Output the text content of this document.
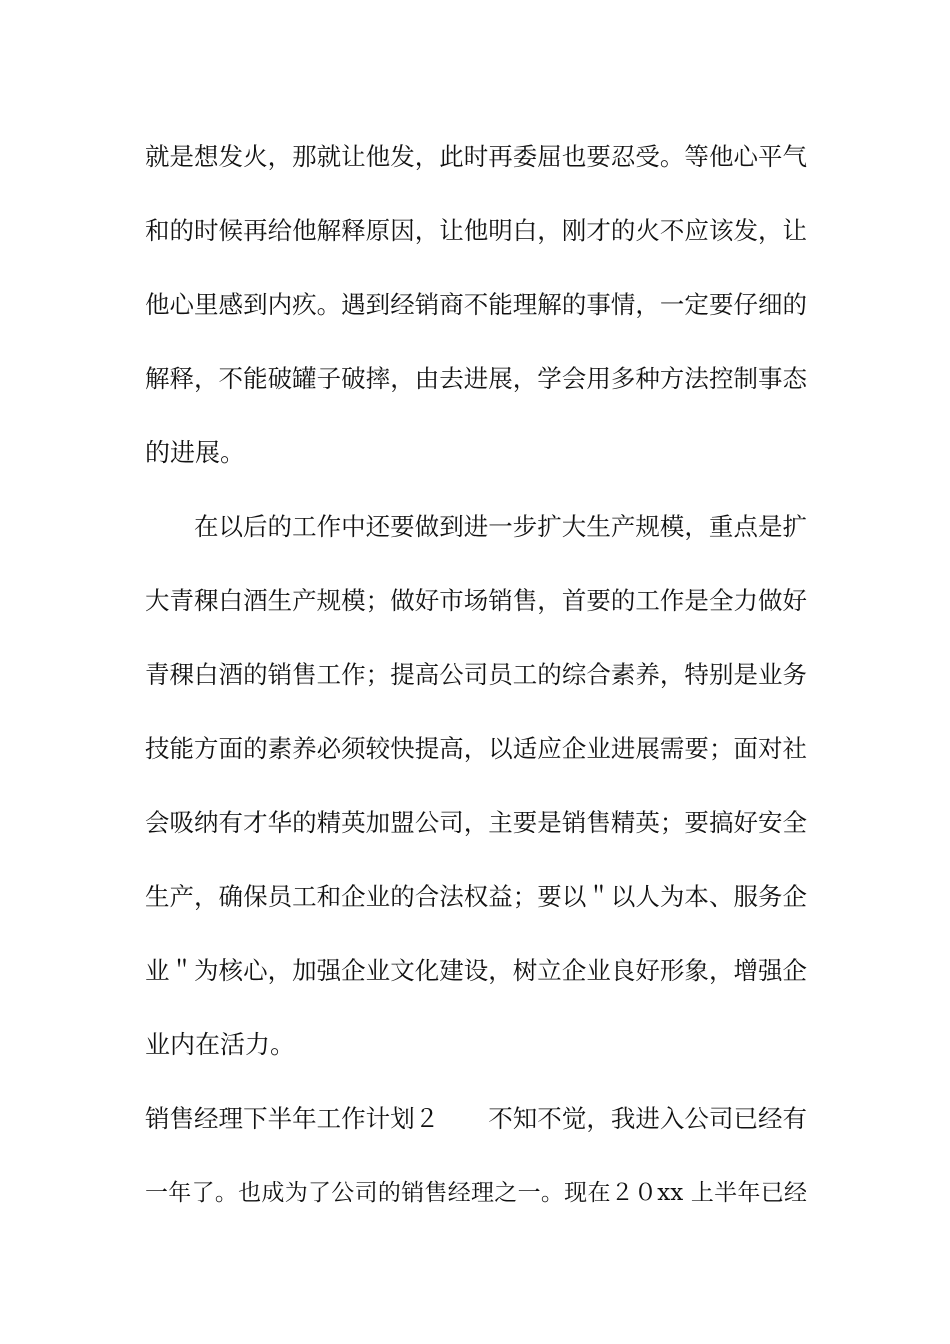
就是想发火，那就让他发，此时再委屈也要忍受。等他心平气
和的时候再给他解释原因，让他明白，刚才的火不应该发，让
他心里感到内疚。遇到经销商不能理解的事情，一定要仔细的
解释，不能破罐子破摔，由去进展，学会用多种方法控制事态
的进展。
在以后的工作中还要做到进一步扩大生产规模，重点是扩
大青稞白酒生产规模；做好市场销售，首要的工作是全力做好
青稞白酒的销售工作；提高公司员工的综合素养，特别是业务
技能方面的素养必须较快提高，以适应企业进展需要；面对社
会吸纳有才华的精英加盟公司，主要是销售精英；要搞好安全
生产，确保员工和企业的合法权益；要以＂以人为本、服务企
业＂为核心，加强企业文化建设，树立企业良好形象，增强企
业内在活力。
销售经理下半年工作计划２　　不知不觉，我进入公司已经有
一年了。也成为了公司的销售经理之一。现在２０xx 上半年已经
